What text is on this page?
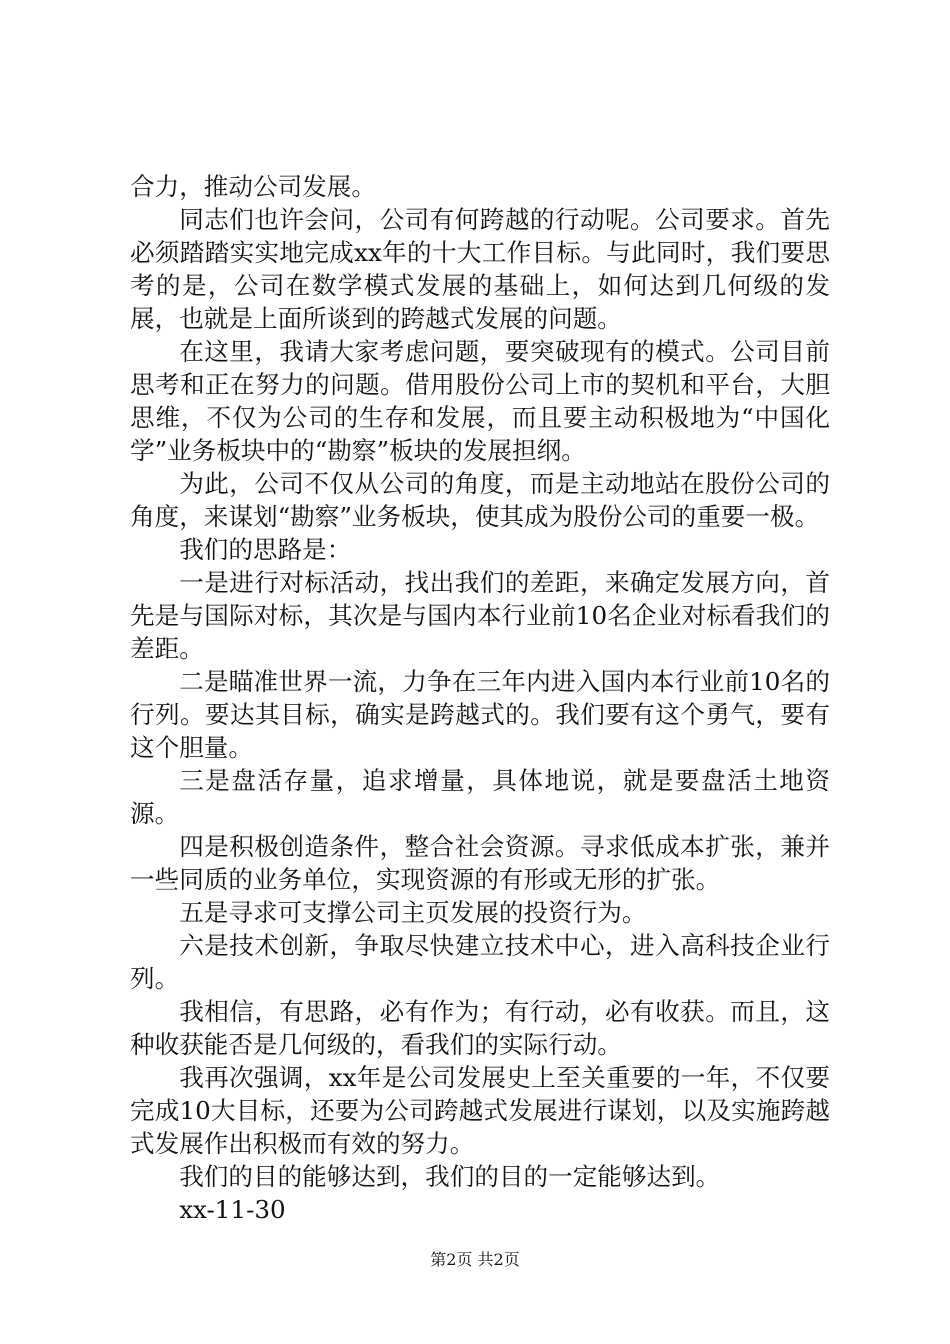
合力，推动公司发展。

同志们也许会问，公司有何跨越的行动呢。公司要求。首先必须踏踏实实地完成xx年的十大工作目标。与此同时，我们要思考的是，公司在数学模式发展的基础上，如何达到几何级的发展，也就是上面所谈到的跨越式发展的问题。

在这里，我请大家考虑问题，要突破现有的模式。公司目前思考和正在努力的问题。借用股份公司上市的契机和平台，大胆思维，不仅为公司的生存和发展，而且要主动积极地为“中国化学”业务板块中的“勘察”板块的发展担纲。

为此，公司不仅从公司的角度，而是主动地站在股份公司的角度，来谋划“勘察”业务板块，使其成为股份公司的重要一极。

我们的思路是：

一是进行对标活动，找出我们的差距，来确定发展方向，首先是与国际对标，其次是与国内本行业前10名企业对标看我们的差距。

二是瞄准世界一流，力争在三年内进入国内本行业前10名的行列。要达其目标，确实是跨越式的。我们要有这个勇气，要有这个胆量。

三是盘活存量，追求增量，具体地说，就是要盘活土地资源。

四是积极创造条件，整合社会资源。寻求低成本扩张，兼并一些同质的业务单位，实现资源的有形或无形的扩张。

五是寻求可支撑公司主页发展的投资行为。

六是技术创新，争取尽快建立技术中心，进入高科技企业行列。

我相信，有思路，必有作为；有行动，必有收获。而且，这种收获能否是几何级的，看我们的实际行动。

我再次强调，xx年是公司发展史上至关重要的一年，不仅要完成10大目标，还要为公司跨越式发展进行谋划，以及实施跨越式发展作出积极而有效的努力。

我们的目的能够达到，我们的目的一定能够达到。

xx-11-30

第2页 共2页
